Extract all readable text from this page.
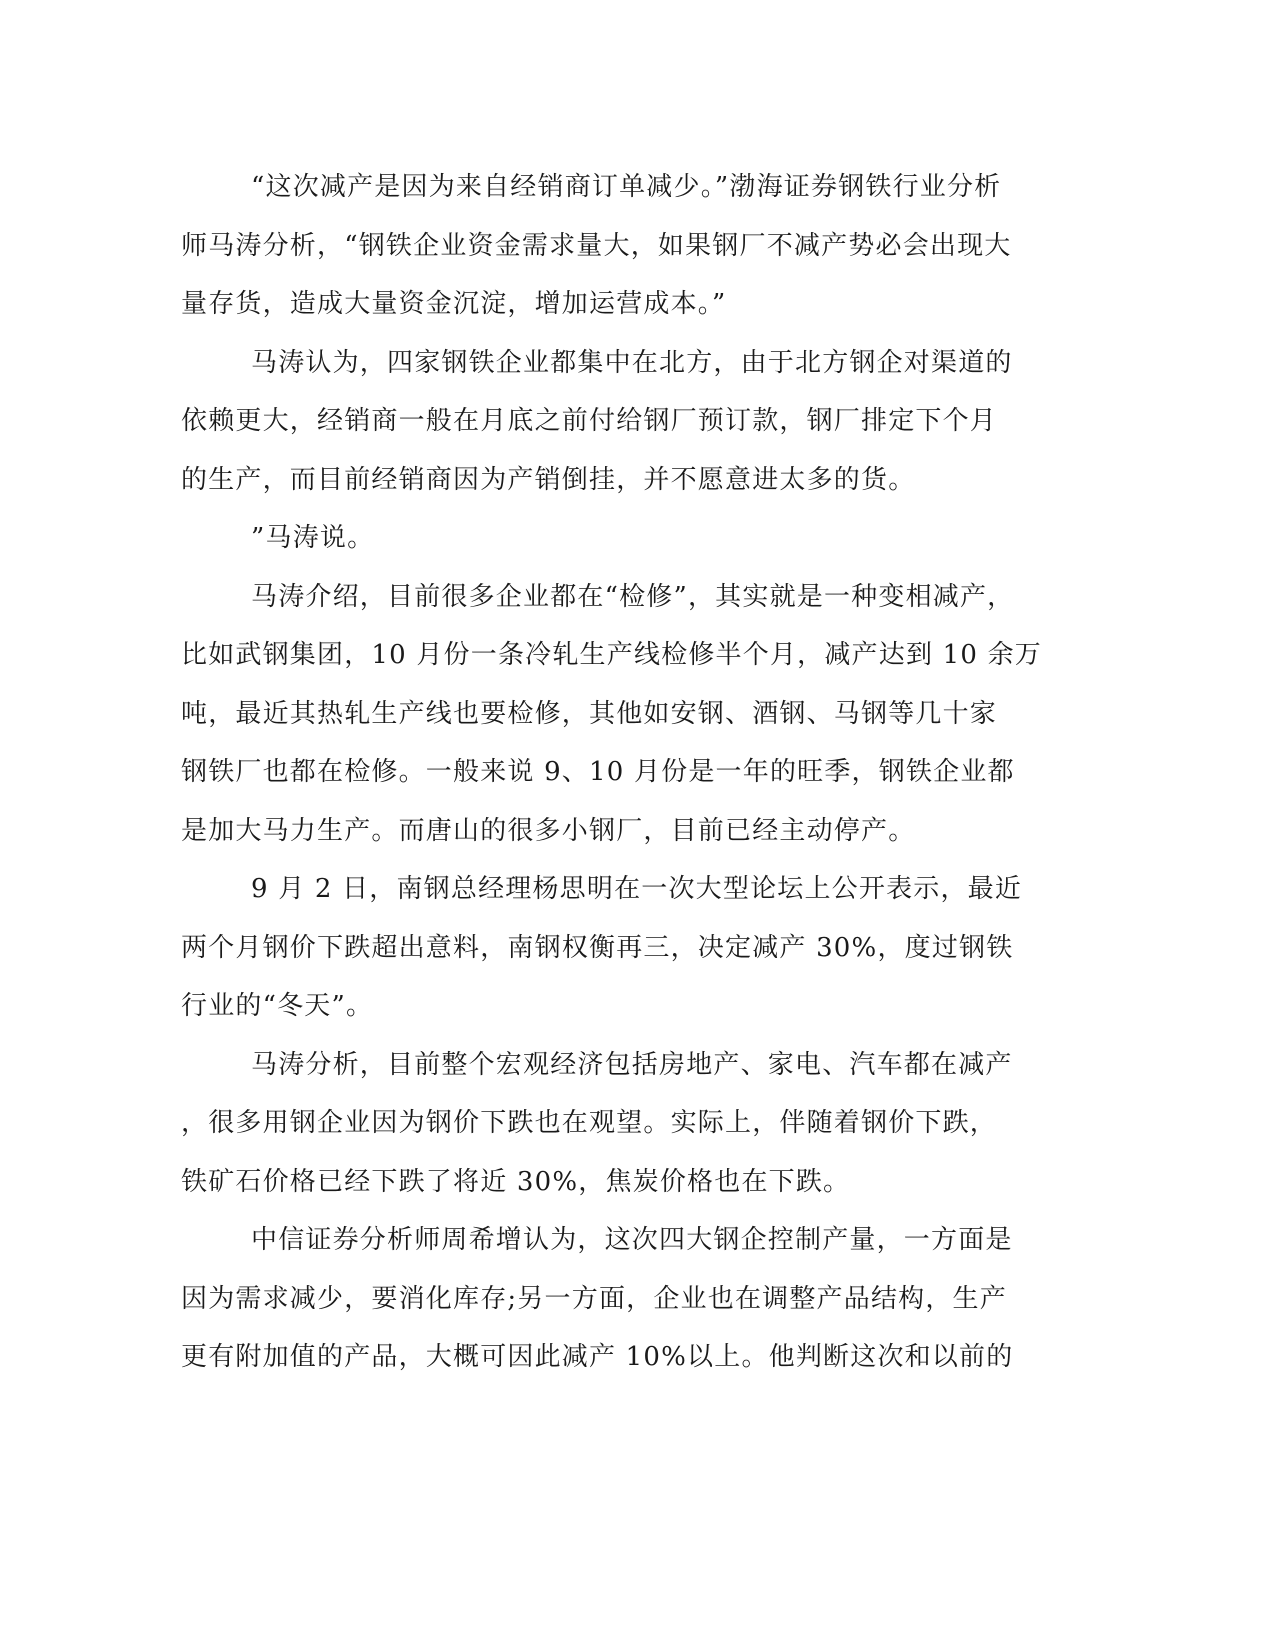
“这次减产是因为来自经销商订单减少。”渤海证券钢铁行业分析
师马涛分析，“钢铁企业资金需求量大，如果钢厂不减产势必会出现大
量存货，造成大量资金沉淀，增加运营成本。”

马涛认为，四家钢铁企业都集中在北方，由于北方钢企对渠道的
依赖更大，经销商一般在月底之前付给钢厂预订款，钢厂排定下个月
的生产，而目前经销商因为产销倒挂，并不愿意进太多的货。

”马涛说。

马涛介绍，目前很多企业都在“检修”，其实就是一种变相减产，
比如武钢集团，10 月份一条冷轧生产线检修半个月，减产达到 10 余万
吨，最近其热轧生产线也要检修，其他如安钢、酒钢、马钢等几十家
钢铁厂也都在检修。一般来说 9、10 月份是一年的旺季，钢铁企业都
是加大马力生产。而唐山的很多小钢厂，目前已经主动停产。

9 月 2 日，南钢总经理杨思明在一次大型论坛上公开表示，最近
两个月钢价下跌超出意料，南钢权衡再三，决定减产 30%，度过钢铁
行业的“冬天”。

马涛分析，目前整个宏观经济包括房地产、家电、汽车都在减产
，很多用钢企业因为钢价下跌也在观望。实际上，伴随着钢价下跌，
铁矿石价格已经下跌了将近 30%，焦炭价格也在下跌。

中信证券分析师周希增认为，这次四大钢企控制产量，一方面是
因为需求减少，要消化库存;另一方面，企业也在调整产品结构，生产
更有附加值的产品，大概可因此减产 10%以上。他判断这次和以前的
